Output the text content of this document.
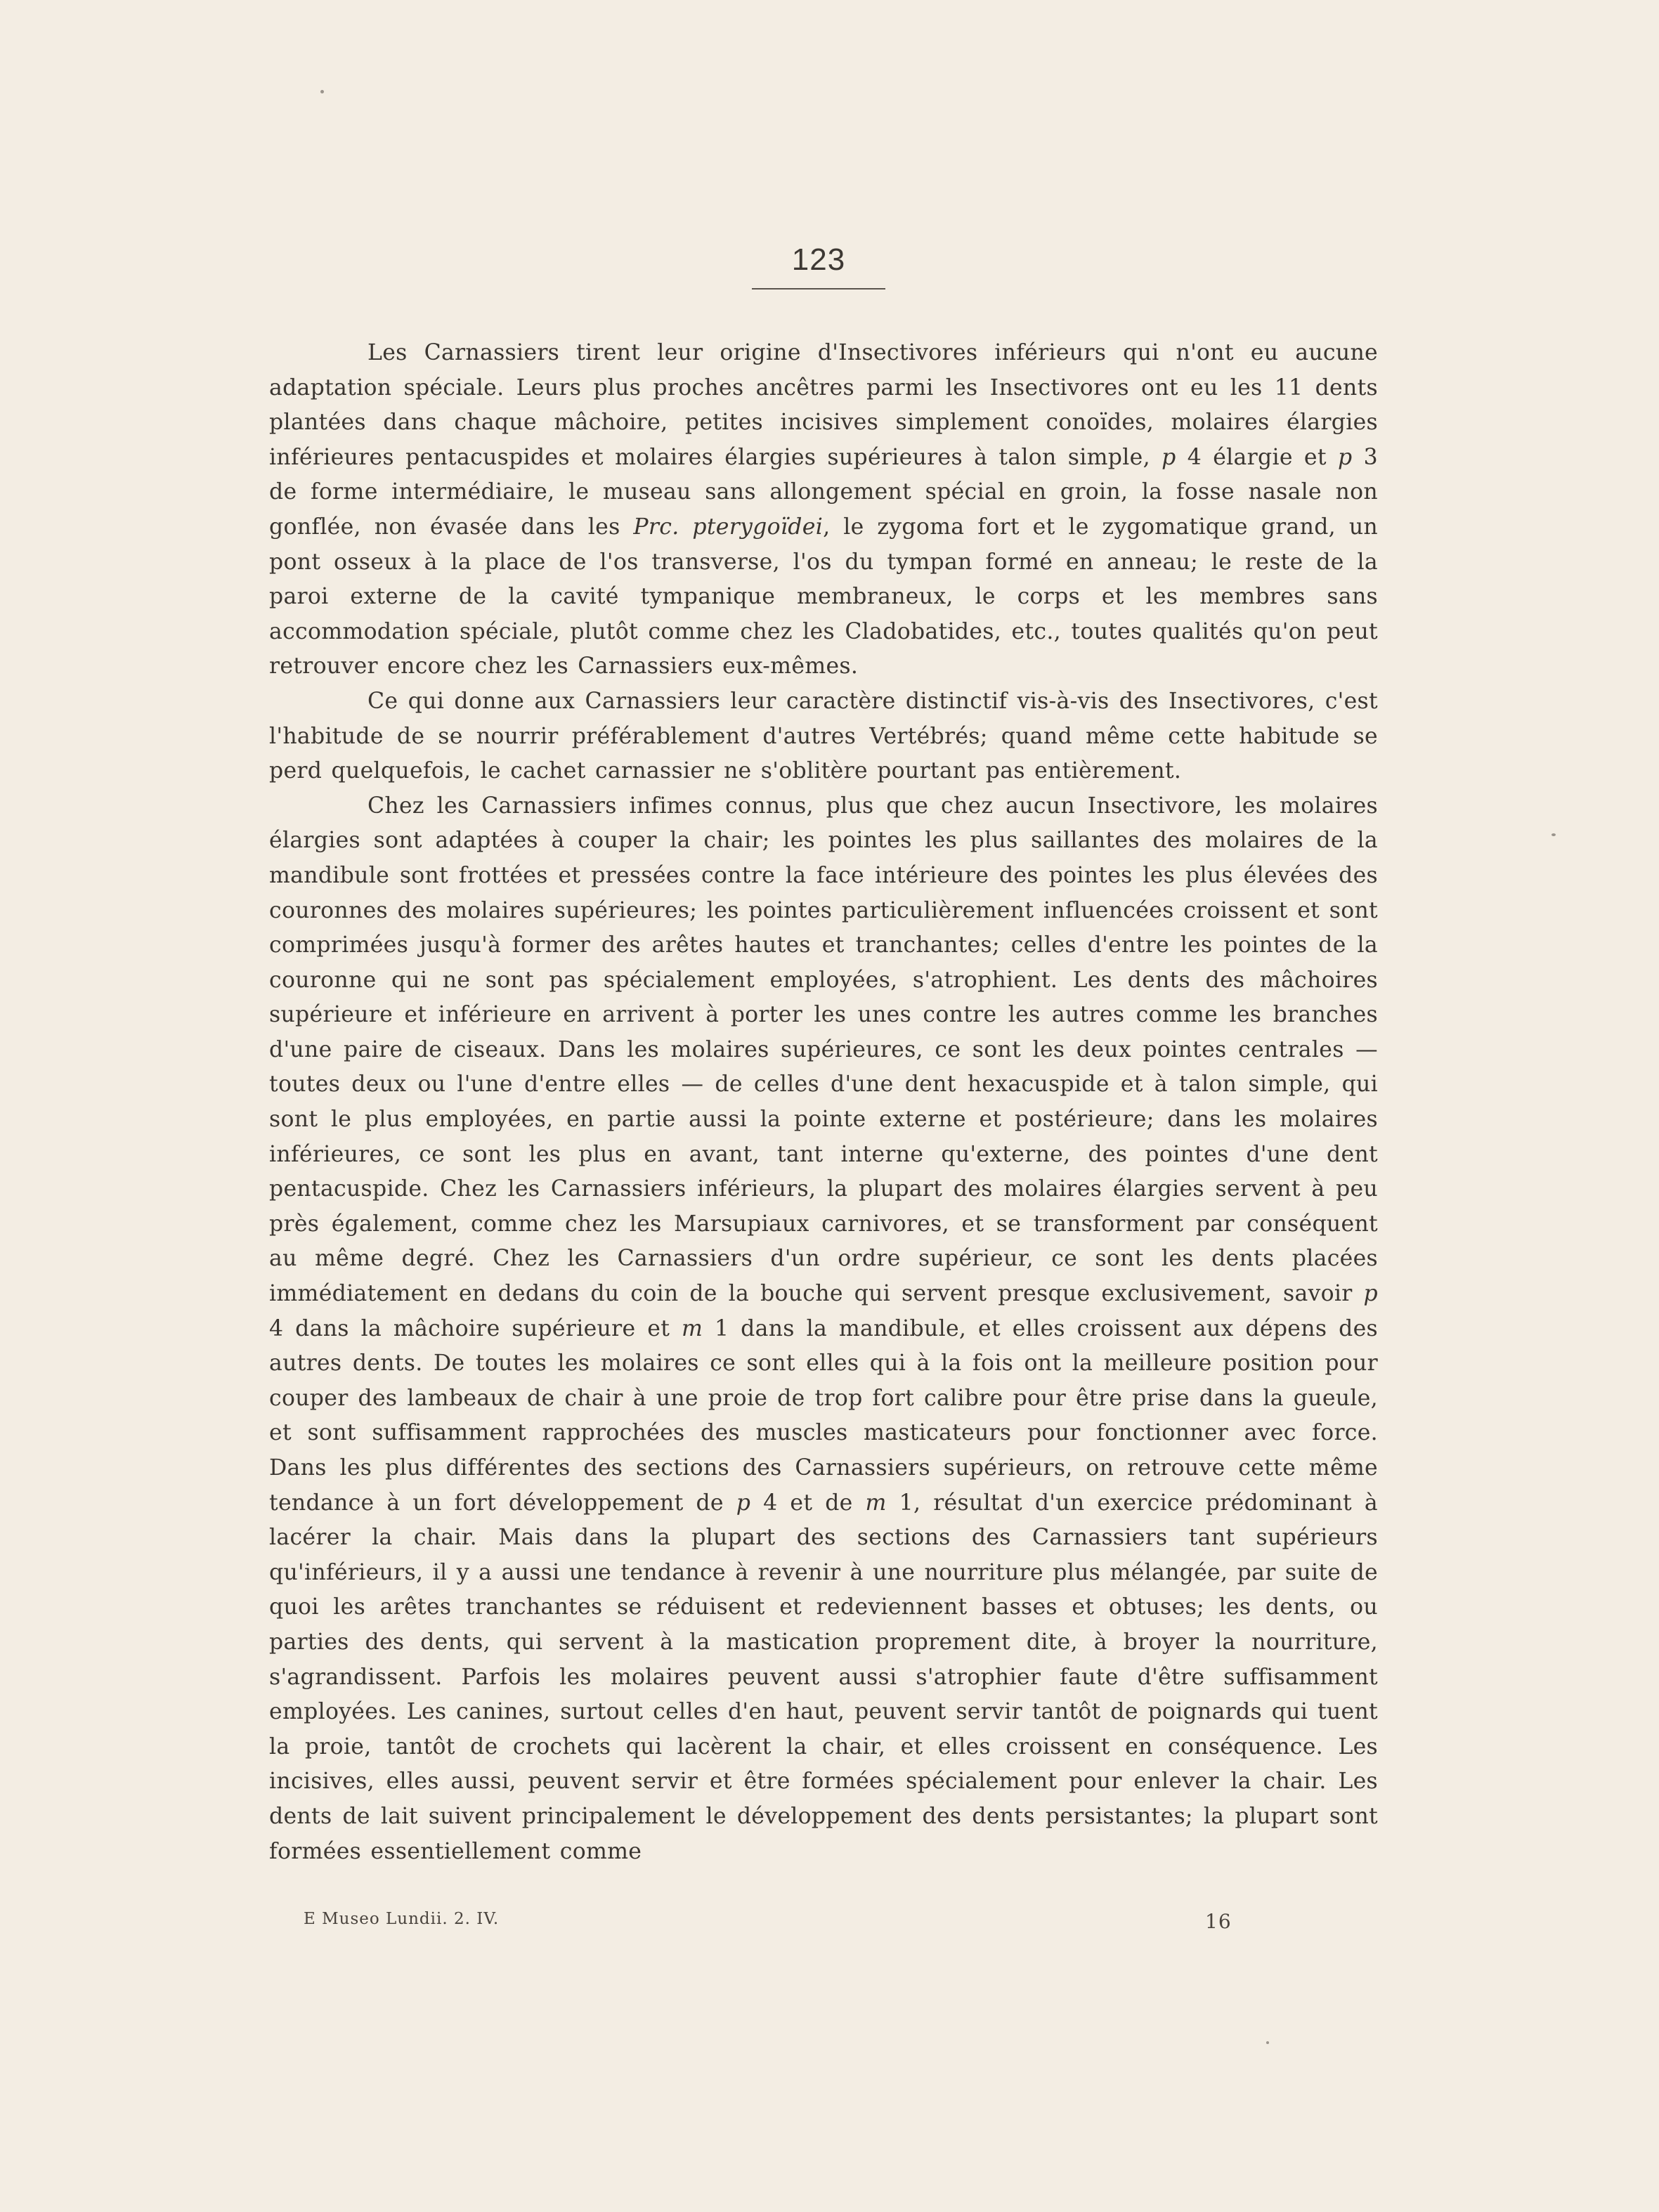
123

Les Carnassiers tirent leur origine d'Insectivores inférieurs qui n'ont eu aucune adaptation spéciale. Leurs plus proches ancêtres parmi les Insectivores ont eu les 11 dents plantées dans chaque mâchoire, petites incisives simplement conoïdes, molaires élargies inférieures pentacuspides et molaires élargies supérieures à talon simple, p 4 élargie et p 3 de forme intermédiaire, le museau sans allongement spécial en groin, la fosse nasale non gonflée, non évasée dans les Prc. pterygoïdei, le zygoma fort et le zygomatique grand, un pont osseux à la place de l'os transverse, l'os du tympan formé en anneau; le reste de la paroi externe de la cavité tympanique membraneux, le corps et les membres sans accommodation spéciale, plutôt comme chez les Cladobatides, etc., toutes qualités qu'on peut retrouver encore chez les Carnassiers eux-mêmes.

Ce qui donne aux Carnassiers leur caractère distinctif vis-à-vis des Insectivores, c'est l'habitude de se nourrir préférablement d'autres Vertébrés; quand même cette habitude se perd quelquefois, le cachet carnassier ne s'oblitère pourtant pas entièrement.

Chez les Carnassiers infimes connus, plus que chez aucun Insectivore, les molaires élargies sont adaptées à couper la chair; les pointes les plus saillantes des molaires de la mandibule sont frottées et pressées contre la face intérieure des pointes les plus élevées des couronnes des molaires supérieures; les pointes particulièrement influencées croissent et sont comprimées jusqu'à former des arêtes hautes et tranchantes; celles d'entre les pointes de la couronne qui ne sont pas spécialement employées, s'atrophient. Les dents des mâchoires supérieure et inférieure en arrivent à porter les unes contre les autres comme les branches d'une paire de ciseaux. Dans les molaires supérieures, ce sont les deux pointes centrales — toutes deux ou l'une d'entre elles — de celles d'une dent hexacuspide et à talon simple, qui sont le plus employées, en partie aussi la pointe externe et postérieure; dans les molaires inférieures, ce sont les plus en avant, tant interne qu'externe, des pointes d'une dent pentacuspide. Chez les Carnassiers inférieurs, la plupart des molaires élargies servent à peu près également, comme chez les Marsupiaux carnivores, et se transforment par conséquent au même degré. Chez les Carnassiers d'un ordre supérieur, ce sont les dents placées immédiatement en dedans du coin de la bouche qui servent presque exclusivement, savoir p 4 dans la mâchoire supérieure et m 1 dans la mandibule, et elles croissent aux dépens des autres dents. De toutes les molaires ce sont elles qui à la fois ont la meilleure position pour couper des lambeaux de chair à une proie de trop fort calibre pour être prise dans la gueule, et sont suffisamment rapprochées des muscles masticateurs pour fonctionner avec force. Dans les plus différentes des sections des Carnassiers supérieurs, on retrouve cette même tendance à un fort développement de p 4 et de m 1, résultat d'un exercice prédominant à lacérer la chair. Mais dans la plupart des sections des Carnassiers tant supérieurs qu'inférieurs, il y a aussi une tendance à revenir à une nourriture plus mélangée, par suite de quoi les arêtes tranchantes se réduisent et redeviennent basses et obtuses; les dents, ou parties des dents, qui servent à la mastication proprement dite, à broyer la nourriture, s'agrandissent. Parfois les molaires peuvent aussi s'atrophier faute d'être suffisamment employées. Les canines, surtout celles d'en haut, peuvent servir tantôt de poignards qui tuent la proie, tantôt de crochets qui lacèrent la chair, et elles croissent en conséquence. Les incisives, elles aussi, peuvent servir et être formées spécialement pour enlever la chair. Les dents de lait suivent principalement le développement des dents persistantes; la plupart sont formées essentiellement comme

E Museo Lundii. 2. IV.	16
